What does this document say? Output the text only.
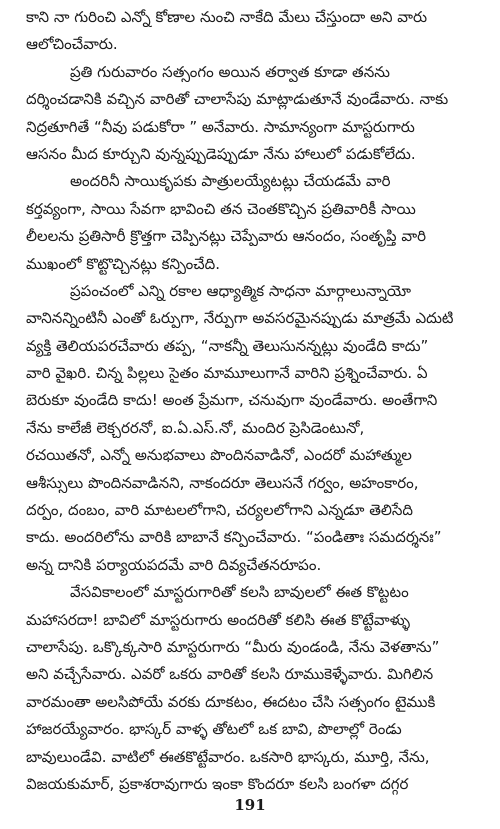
కాని నా గురించి ఎన్నో కోణాల నుంచి నాకేది మేలు చేస్తుందా అని వారు
ఆలోచించేవారు.
ప్రతి గురువారం సత్సంగం అయిన తర్వాత కూడా తనను
దర్శించడానికి వచ్చిన వారితో చాలాసేపు మాట్లాడుతూనే వుండేవారు. నాకు
నిద్రతూగితే “నీవు పడుకోరా ” అనేవారు. సామాన్యంగా మాస్టరుగారు
ఆసనం మీద కూర్చుని వున్నప్పుడెప్పుడూ నేను హాలులో పడుకోలేదు.
అందరినీ సాయికృపకు పాత్రులయ్యేటట్లు చేయడమే వారి
కర్తవ్యంగా, సాయి సేవగా భావించి తన చెంతకొచ్చిన ప్రతివారికీ సాయి
లీలలను ప్రతిసారీ క్రొత్తగా చెప్పినట్లు చెప్పేవారు ఆనందం, సంతృప్తి వారి
ముఖంలో కొట్టొచ్చినట్లు కన్పించేది.
ప్రపంచంలో ఎన్ని రకాల ఆధ్యాత్మిక సాధనా మార్గాలున్నాయో
వానినన్నింటినీ ఎంతో ఓర్పుగా, నేర్పుగా అవసరమైనప్పుడు మాత్రమే ఎదుటి
వ్యక్తి తెలియపరచేవారు తప్ప, “నాకన్నీ తెలుసునన్నట్లు వుండేది కాదు”
వారి వైఖరి. చిన్న పిల్లలు సైతం మామూలుగానే వారిని ప్రశ్నించేవారు. ఏ
బెరుకూ వుండేది కాదు! అంత ప్రేమగా, చనువుగా వుండేవారు. అంతేగాని
నేను కాలేజీ లెక్చరరనో, ఐ.ఏ.ఎస్.నో, మందిర ప్రెసిడెంటునో,
రచయితనో, ఎన్నో అనుభవాలు పొందినవాడినో, ఎందరో మహాత్ముల
ఆశీస్సులు పొందినవాడినని, నాకందరూ తెలుసనే గర్వం, అహంకారం,
దర్పం, దంబం, వారి మాటలలోగాని, చర్యలలోగాని ఎన్నడూ తెలిసేది
కాదు. అందరిలోను వారికి బాబానే కన్పించేవారు. “పండితాః సమదర్శనః”
అన్న దానికి పర్యాయపదమే వారి దివ్యచేతనరూపం.
వేసవికాలంలో మాస్టరుగారితో కలసి బావులలో ఈత కొట్టటం
మహాసరదా! బావిలో మాస్టరుగారు అందరితో కలిసి ఈత కొట్టేవాళ్ళు
చాలాసేపు. ఒక్కొక్కసారి మాస్టరుగారు “మీరు వుండండి, నేను వెళతాను”
అని వచ్చేసేవారు. ఎవరో ఒకరు వారితో కలసి రూముకెళ్ళేవారు. మిగిలిన
వారమంతా అలసిపోయే వరకు దూకటం, ఈదటం చేసి సత్సంగం టైముకి
హాజరయ్యేవారం. భాస్కర్ వాళ్ళ తోటలో ఒక బావి, పొలాల్లో రెండు
బావులుండేవి. వాటిలో ఈతకొట్టేవారం. ఒకసారి భాస్కరు, మూర్తి, నేను,
విజయకుమార్, ప్రకాశరావుగారు ఇంకా కొందరూ కలసి బంగళా దగ్గర
191
